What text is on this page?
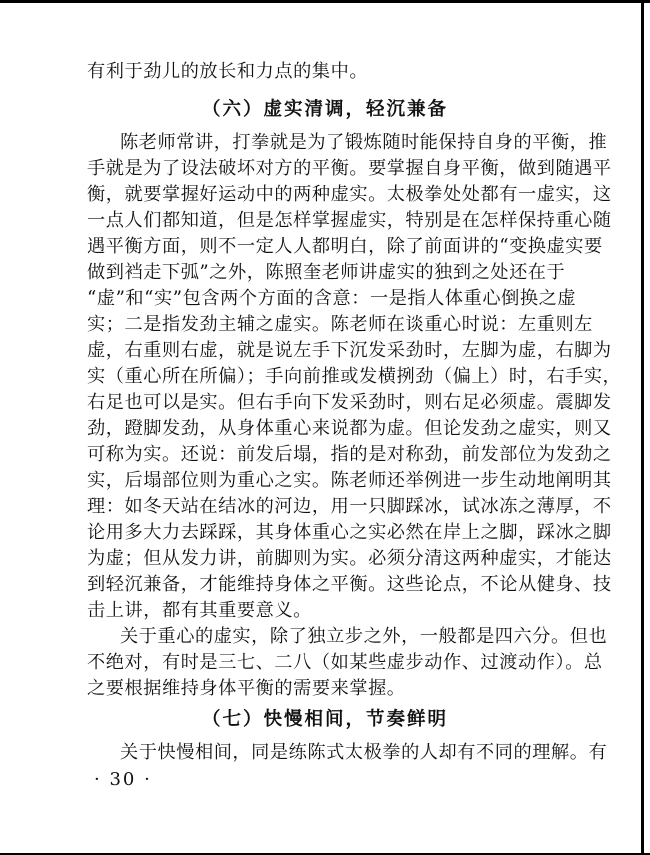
有利于劲儿的放长和力点的集中。
（六）虚实清调，轻沉兼备
陈老师常讲，打拳就是为了锻炼随时能保持自身的平衡，推
手就是为了设法破坏对方的平衡。要掌握自身平衡，做到随遇平
衡，就要掌握好运动中的两种虚实。太极拳处处都有一虚实，这
一点人们都知道，但是怎样掌握虚实，特别是在怎样保持重心随
遇平衡方面，则不一定人人都明白，除了前面讲的“变换虚实要
做到裆走下弧”之外，陈照奎老师讲虚实的独到之处还在于
“虚”和“实”包含两个方面的含意：一是指人体重心倒换之虚
实；二是指发劲主辅之虚实。陈老师在谈重心时说：左重则左
虚，右重则右虚，就是说左手下沉发采劲时，左脚为虚，右脚为
实（重心所在所偏）；手向前推或发横挒劲（偏上）时，右手实，
右足也可以是实。但右手向下发采劲时，则右足必须虚。震脚发
劲，蹬脚发劲，从身体重心来说都为虚。但论发劲之虚实，则又
可称为实。还说：前发后塌，指的是对称劲，前发部位为发劲之
实，后塌部位则为重心之实。陈老师还举例进一步生动地阐明其
理：如冬天站在结冰的河边，用一只脚踩冰，试冰冻之薄厚，不
论用多大力去踩踩，其身体重心之实必然在岸上之脚，踩冰之脚
为虚；但从发力讲，前脚则为实。必须分清这两种虚实，才能达
到轻沉兼备，才能维持身体之平衡。这些论点，不论从健身、技
击上讲，都有其重要意义。
关于重心的虚实，除了独立步之外，一般都是四六分。但也
不绝对，有时是三七、二八（如某些虚步动作、过渡动作）。总
之要根据维持身体平衡的需要来掌握。
（七）快慢相间，节奏鲜明
关于快慢相间，同是练陈式太极拳的人却有不同的理解。有
· 30 ·
